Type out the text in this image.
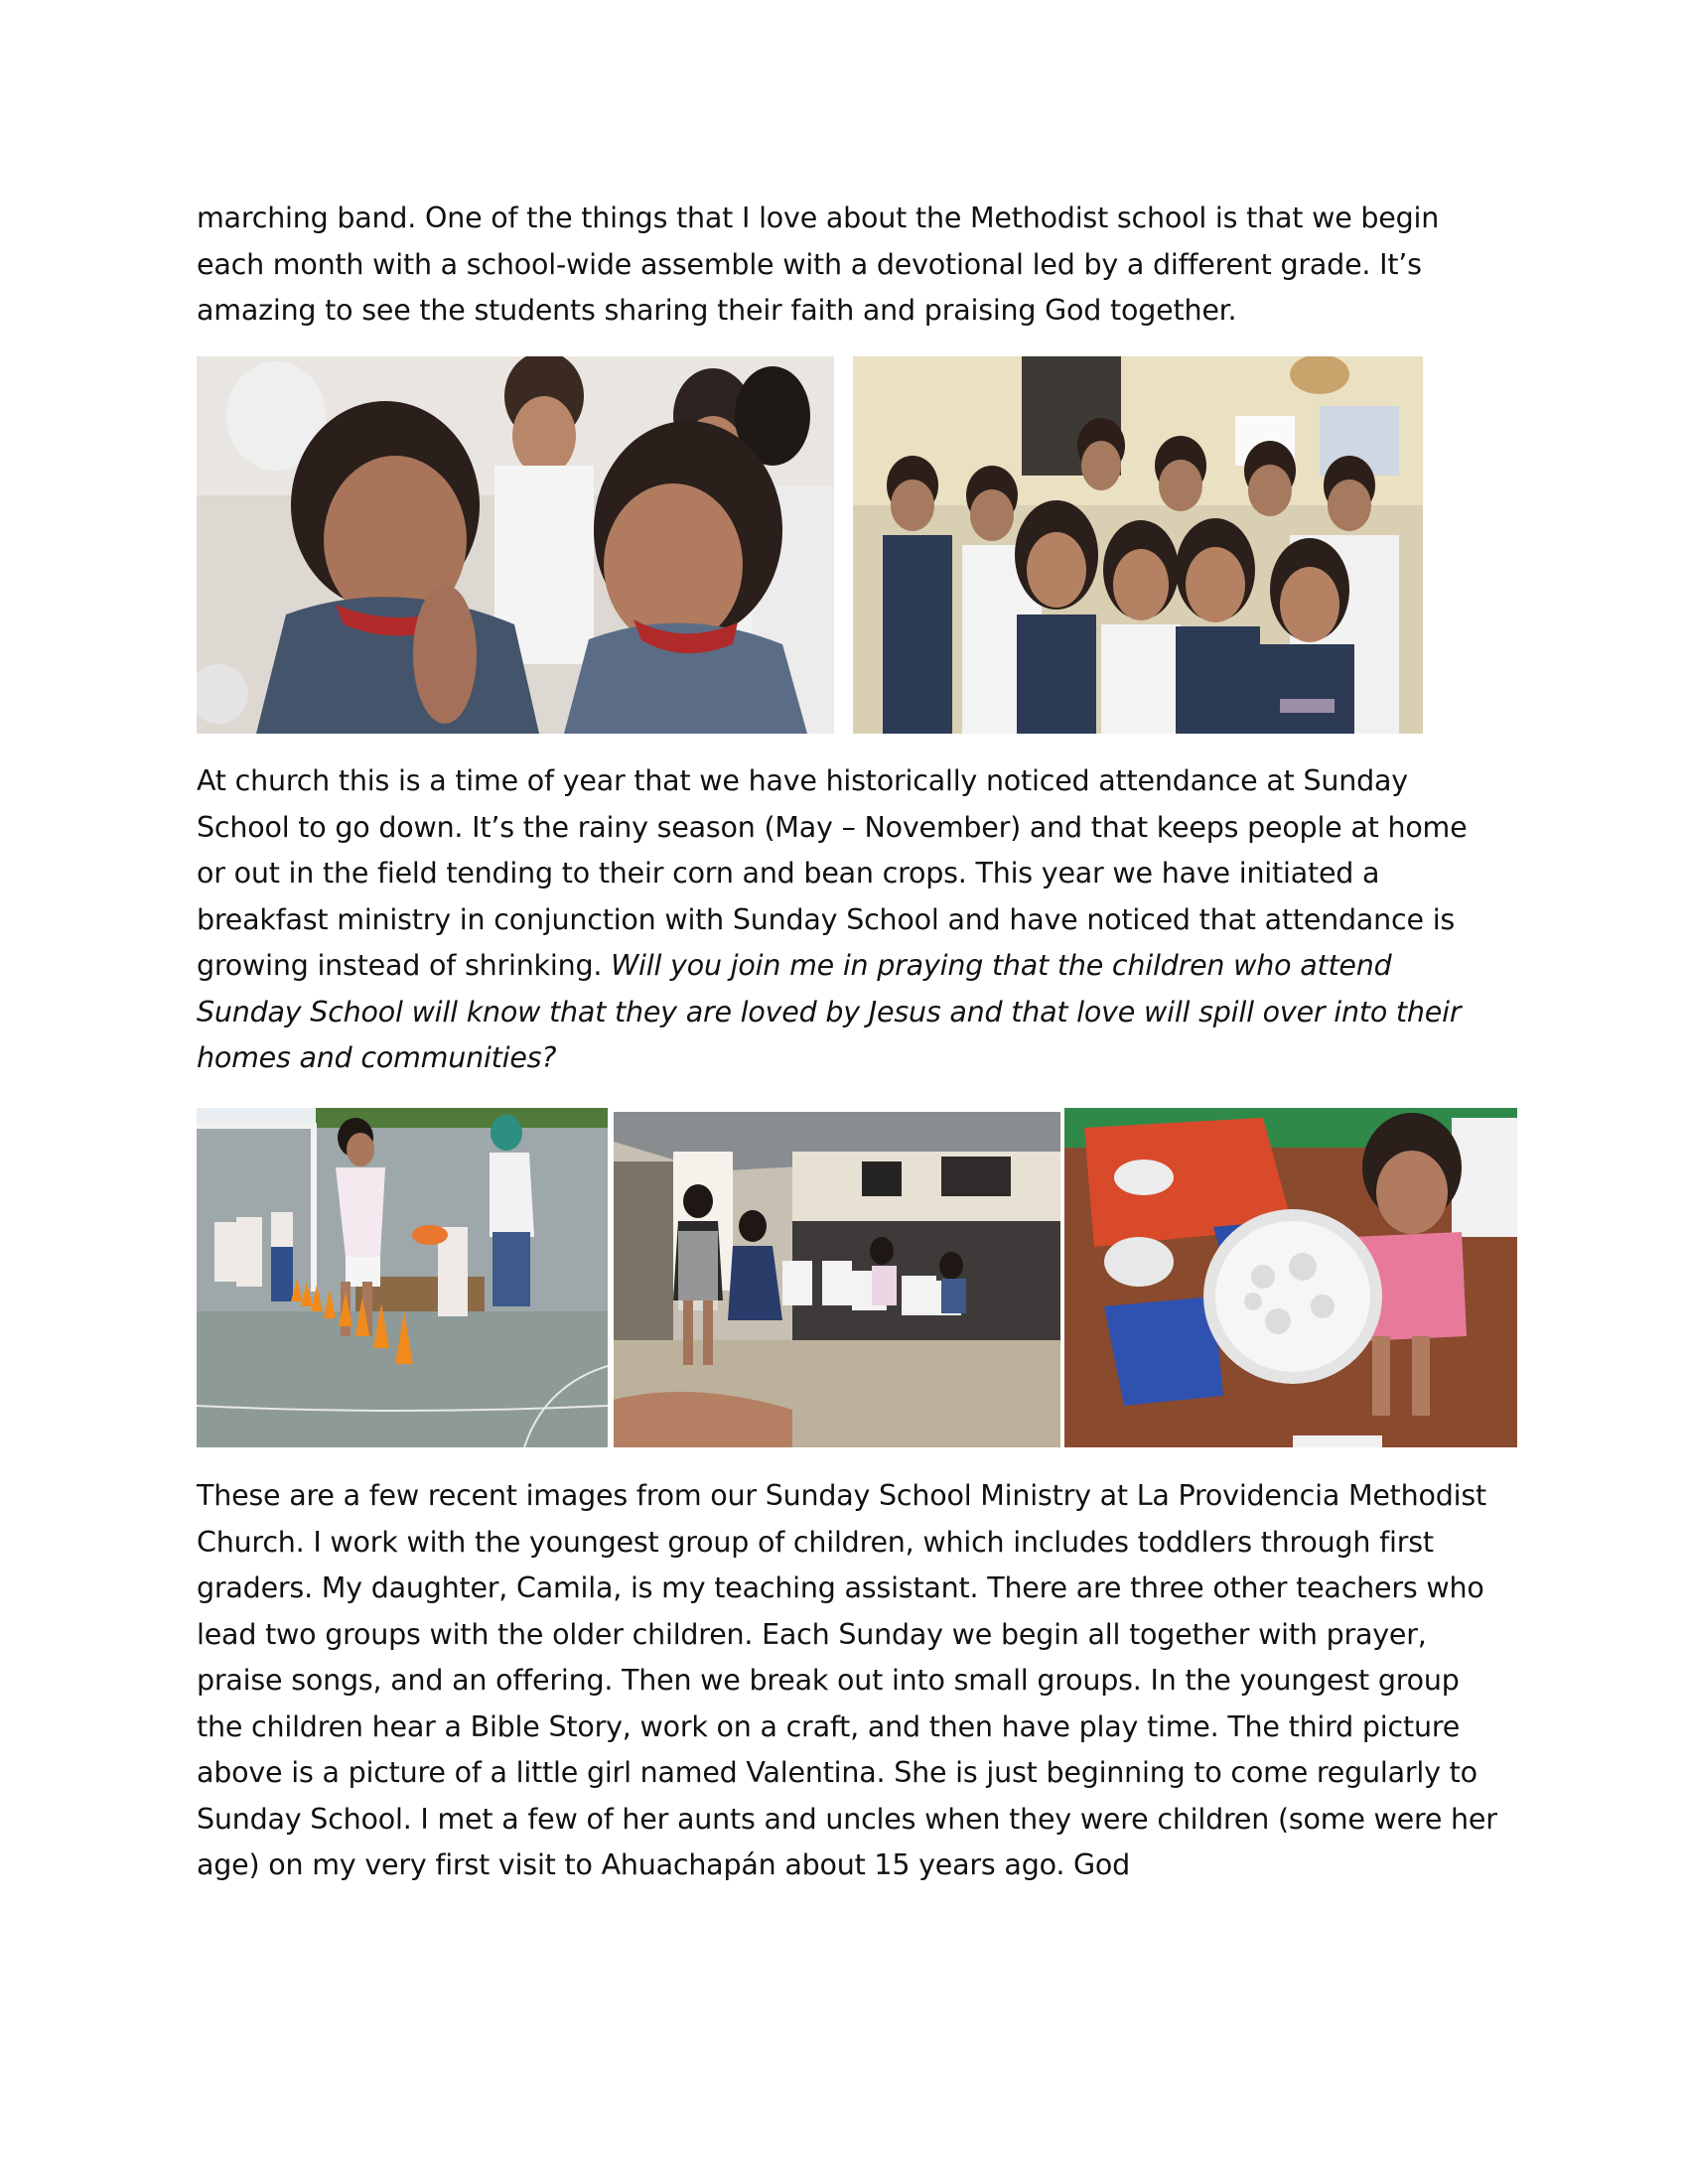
marching band. One of the things that I love about the Methodist school is that we begin each month with a school-wide assemble with a devotional led by a different grade. It’s amazing to see the students sharing their faith and praising God together.

At church this is a time of year that we have historically noticed attendance at Sunday School to go down. It’s the rainy season (May – November) and that keeps people at home or out in the field tending to their corn and bean crops. This year we have initiated a breakfast ministry in conjunction with Sunday School and have noticed that attendance is growing instead of shrinking. Will you join me in praying that the children who attend Sunday School will know that they are loved by Jesus and that love will spill over into their homes and communities?

These are a few recent images from our Sunday School Ministry at La Providencia Methodist Church. I work with the youngest group of children, which includes toddlers through first graders. My daughter, Camila, is my teaching assistant. There are three other teachers who lead two groups with the older children. Each Sunday we begin all together with prayer, praise songs, and an offering. Then we break out into small groups. In the youngest group the children hear a Bible Story, work on a craft, and then have play time. The third picture above is a picture of a little girl named Valentina. She is just beginning to come regularly to Sunday School. I met a few of her aunts and uncles when they were children (some were her age) on my very first visit to Ahuachapán about 15 years ago. God
